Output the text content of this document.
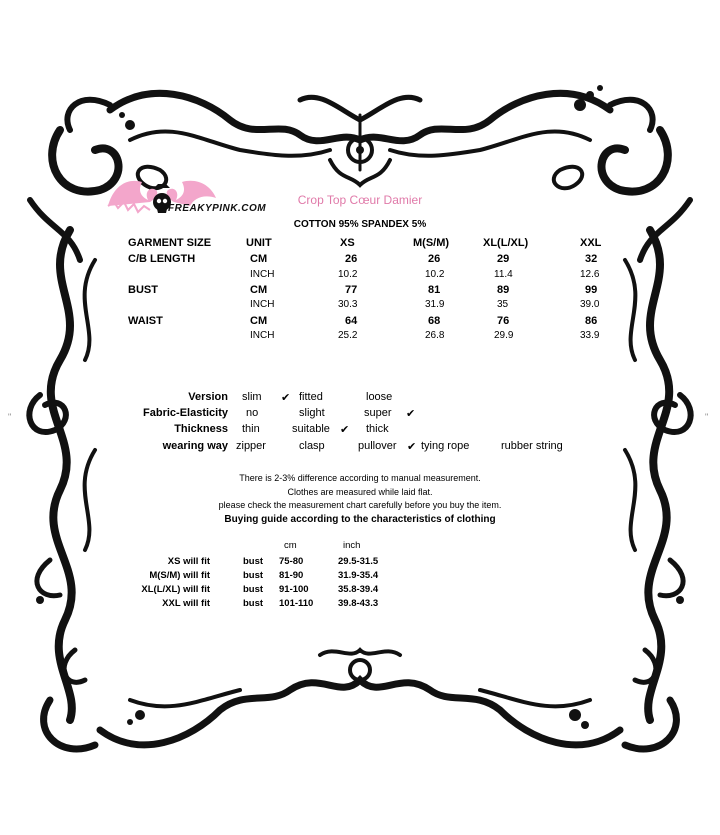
FREAKYPINK.COM
Crop Top Cœur Damier
COTTON 95% SPANDEX 5%
GARMENT SIZE	UNIT	XS	M(S/M)	XL(L/XL)	XXL
C/B LENGTH	CM	26	26	29	32
INCH	10.2	10.2	11.4	12.6
BUST	CM	77	81	89	99
INCH	30.3	31.9	35	39.0
WAIST	CM	64	68	76	86
INCH	25.2	26.8	29.9	33.9
Version slim ✔ fitted	loose
Fabric-Elasticity no	slight	super ✔
Thickness thin	suitable ✔ thick
wearing way zipper	clasp	pullover ✔ tying rope	rubber string
There is 2-3% difference according to manual measurement.
Clothes are measured while laid flat.
please check the measurement chart carefully before you buy the item.
Buying guide according to the characteristics of clothing
cm	inch
XS will fit	bust 75-80	29.5-31.5
M(S/M) will fit	bust 81-90	31.9-35.4
XL(L/XL) will fit	bust 91-100	35.8-39.4
XXL will fit	bust 101-110	39.8-43.3
"	"
